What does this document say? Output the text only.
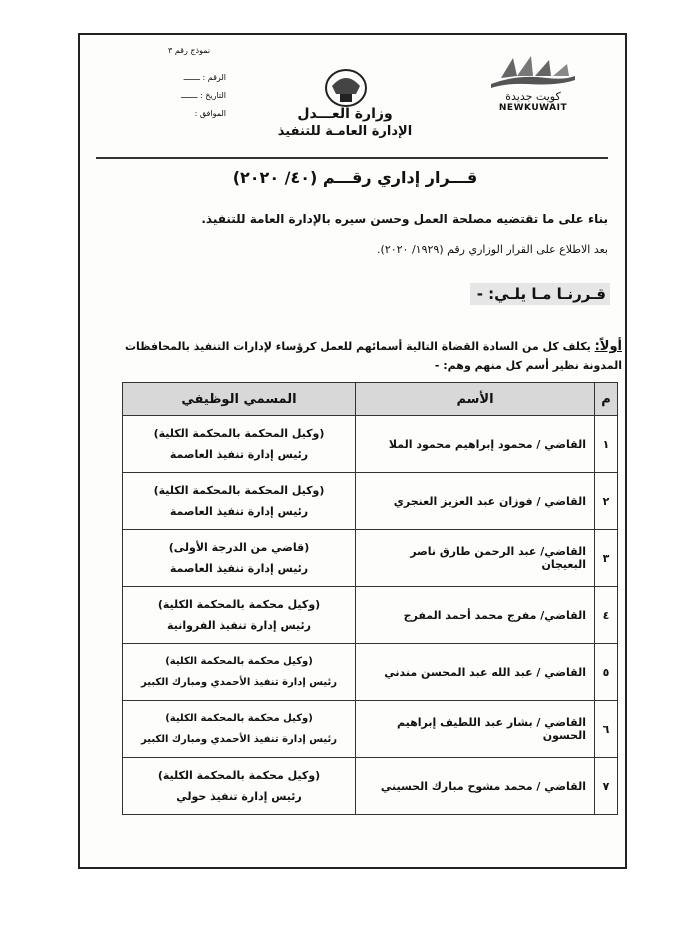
نموذج رقم ٣
الرقم : ـــــــ
التاريخ : ـــــــ
الموافق :	وزارة العـــدل
الإدارة العامـة للتنفيذ
كويت جديدة
NEWKUWAIT
قـــرار إداري رقـــم (٤٠/ ٢٠٢٠)
بناء على ما تقتضيه مصلحة العمل وحسن سيره بالإدارة العامة للتنفيذ.
بعد الاطلاع على القرار الوزاري رقم (١٩٢٩/ ٢٠٢٠).
قـررنـا مـا يلـي: -
أولاً: يكلف كل من السادة القضاة التالية أسمائهم للعمل كرؤساء لإدارات التنفيذ بالمحافظات المدونة نظير أسم كل منهم وهم: -
م	الأسم	المسمي الوظيفي
١	القاضي / محمود إبراهيم محمود الملا	(وكيل المحكمة بالمحكمة الكلية)
رئيس إدارة تنفيذ العاصمة

٢	القاضي / فوزان عبد العزيز العنجري	(وكيل المحكمة بالمحكمة الكلية)
رئيس إدارة تنفيذ العاصمة

٣	القاضي/ عبد الرحمن طارق ناصر البعيجان	(قاضي من الدرجة الأولى)
رئيس إدارة تنفيذ العاصمة

٤	القاضي/ مفرج محمد أحمد المفرج	(وكيل محكمة بالمحكمة الكلية)
رئيس إدارة تنفيذ الفروانية

٥	القاضي / عبد الله عبد المحسن مندني	(وكيل محكمة بالمحكمة الكلية)
رئيس إدارة تنفيذ الأحمدي ومبارك الكبير

٦	القاضي / بشار عبد اللطيف إبراهيم الحسون	(وكيل محكمة بالمحكمة الكلية)
رئيس إدارة تنفيذ الأحمدي ومبارك الكبير

٧	القاضي / محمد مشوح مبارك الحسيني	(وكيل محكمة بالمحكمة الكلية)
رئيس إدارة تنفيذ حولي
